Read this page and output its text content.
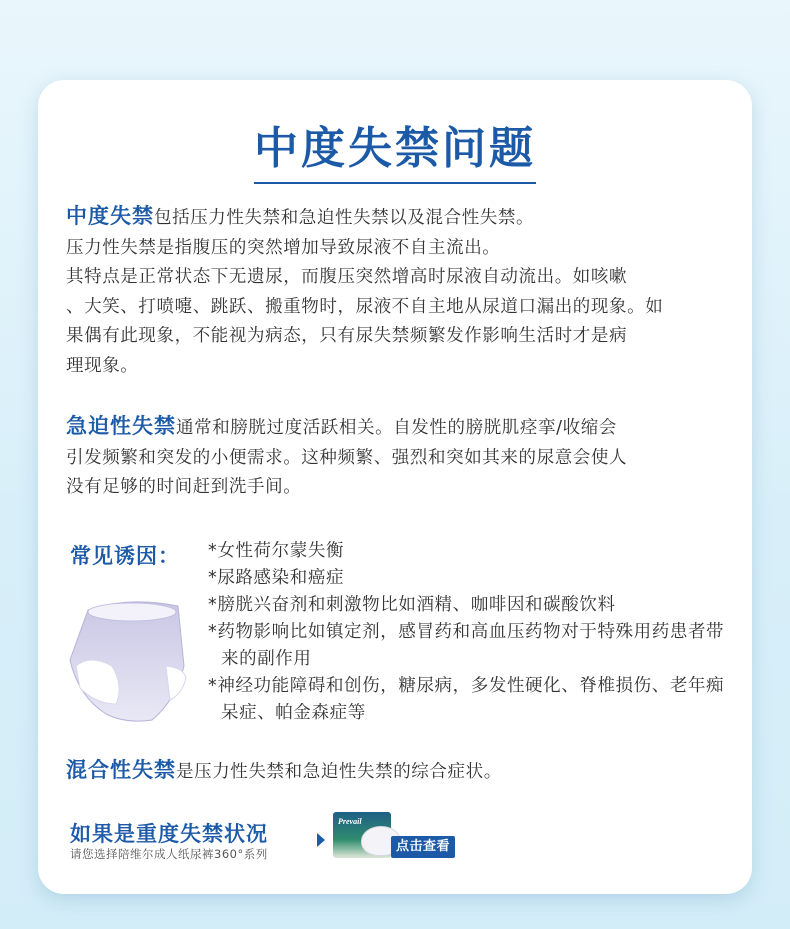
中度失禁问题
中度失禁包括压力性失禁和急迫性失禁以及混合性失禁。
压力性失禁是指腹压的突然增加导致尿液不自主流出。
其特点是正常状态下无遗尿，而腹压突然增高时尿液自动流出。如咳嗽
、大笑、打喷嚏、跳跃、搬重物时，尿液不自主地从尿道口漏出的现象。如
果偶有此现象，不能视为病态，只有尿失禁频繁发作影响生活时才是病
理现象。
急迫性失禁通常和膀胱过度活跃相关。自发性的膀胱肌痉挛/收缩会
引发频繁和突发的小便需求。这种频繁、强烈和突如其来的尿意会使人
没有足够的时间赶到洗手间。
常见诱因： *女性荷尔蒙失衡
*尿路感染和癌症
*膀胱兴奋剂和刺激物比如酒精、咖啡因和碳酸饮料
*药物影响比如镇定剂，感冒药和高血压药物对于特殊用药患者带来的副作用
*神经功能障碍和创伤，糖尿病，多发性硬化、脊椎损伤、老年痴呆症、帕金森症等
混合性失禁是压力性失禁和急迫性失禁的综合症状。
如果是重度失禁状况
请您选择陪维尔成人纸尿裤360°系列
Prevail
点击查看
